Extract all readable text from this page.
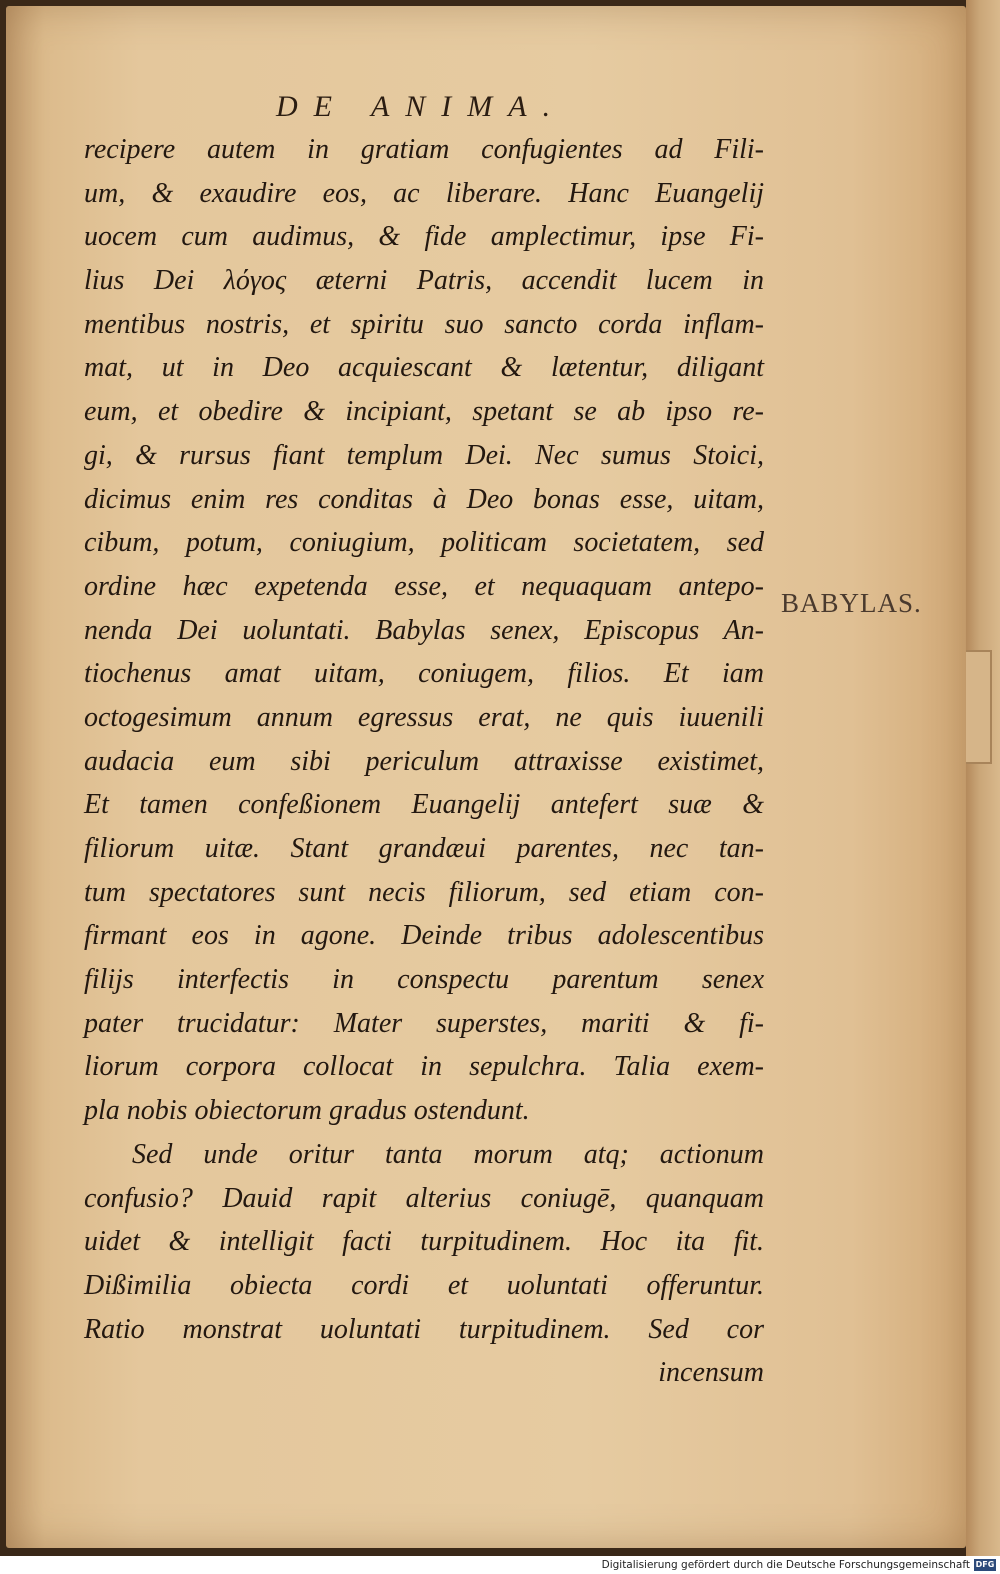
DE ANIMA.
recipere autem in gratiam confugientes ad Fili-
um, & exaudire eos, ac liberare. Hanc Euangelij
uocem cum audimus, & fide amplectimur, ipse Fi-
lius Dei λόγος æterni Patris, accendit lucem in
mentibus nostris, et spiritu suo sancto corda inflam-
mat, ut in Deo acquiescant & lætentur, diligant
eum, et obedire & incipiant, spetant se ab ipso re-
gi, & rursus fiant templum Dei. Nec sumus Stoici,
dicimus enim res conditas à Deo bonas esse, uitam,
cibum, potum, coniugium, politicam societatem, sed
ordine hæc expetenda esse, et nequaquam antepo-
nenda Dei uoluntati. Babylas senex, Episcopus An-
tiochenus amat uitam, coniugem, filios. Et iam
octogesimum annum egressus erat, ne quis iuuenili
audacia eum sibi periculum attraxisse existimet,
Et tamen confeßionem Euangelij antefert suæ &
filiorum uitæ. Stant grandæui parentes, nec tan-
tum spectatores sunt necis filiorum, sed etiam con-
firmant eos in agone. Deinde tribus adolescentibus
filijs interfectis in conspectu parentum senex
pater trucidatur: Mater superstes, mariti & fi-
liorum corpora collocat in sepulchra. Talia exem-
pla nobis obiectorum gradus ostendunt.
Sed unde oritur tanta morum atq; actionum
confusio? Dauid rapit alterius coniugē, quanquam
uidet & intelligit facti turpitudinem. Hoc ita fit.
Dißimilia obiecta cordi et uoluntati offeruntur.
Ratio monstrat uoluntati turpitudinem. Sed cor
incensum
BABYLAS.
Digitalisierung gefördert durch die Deutsche Forschungsgemeinschaft DFG
